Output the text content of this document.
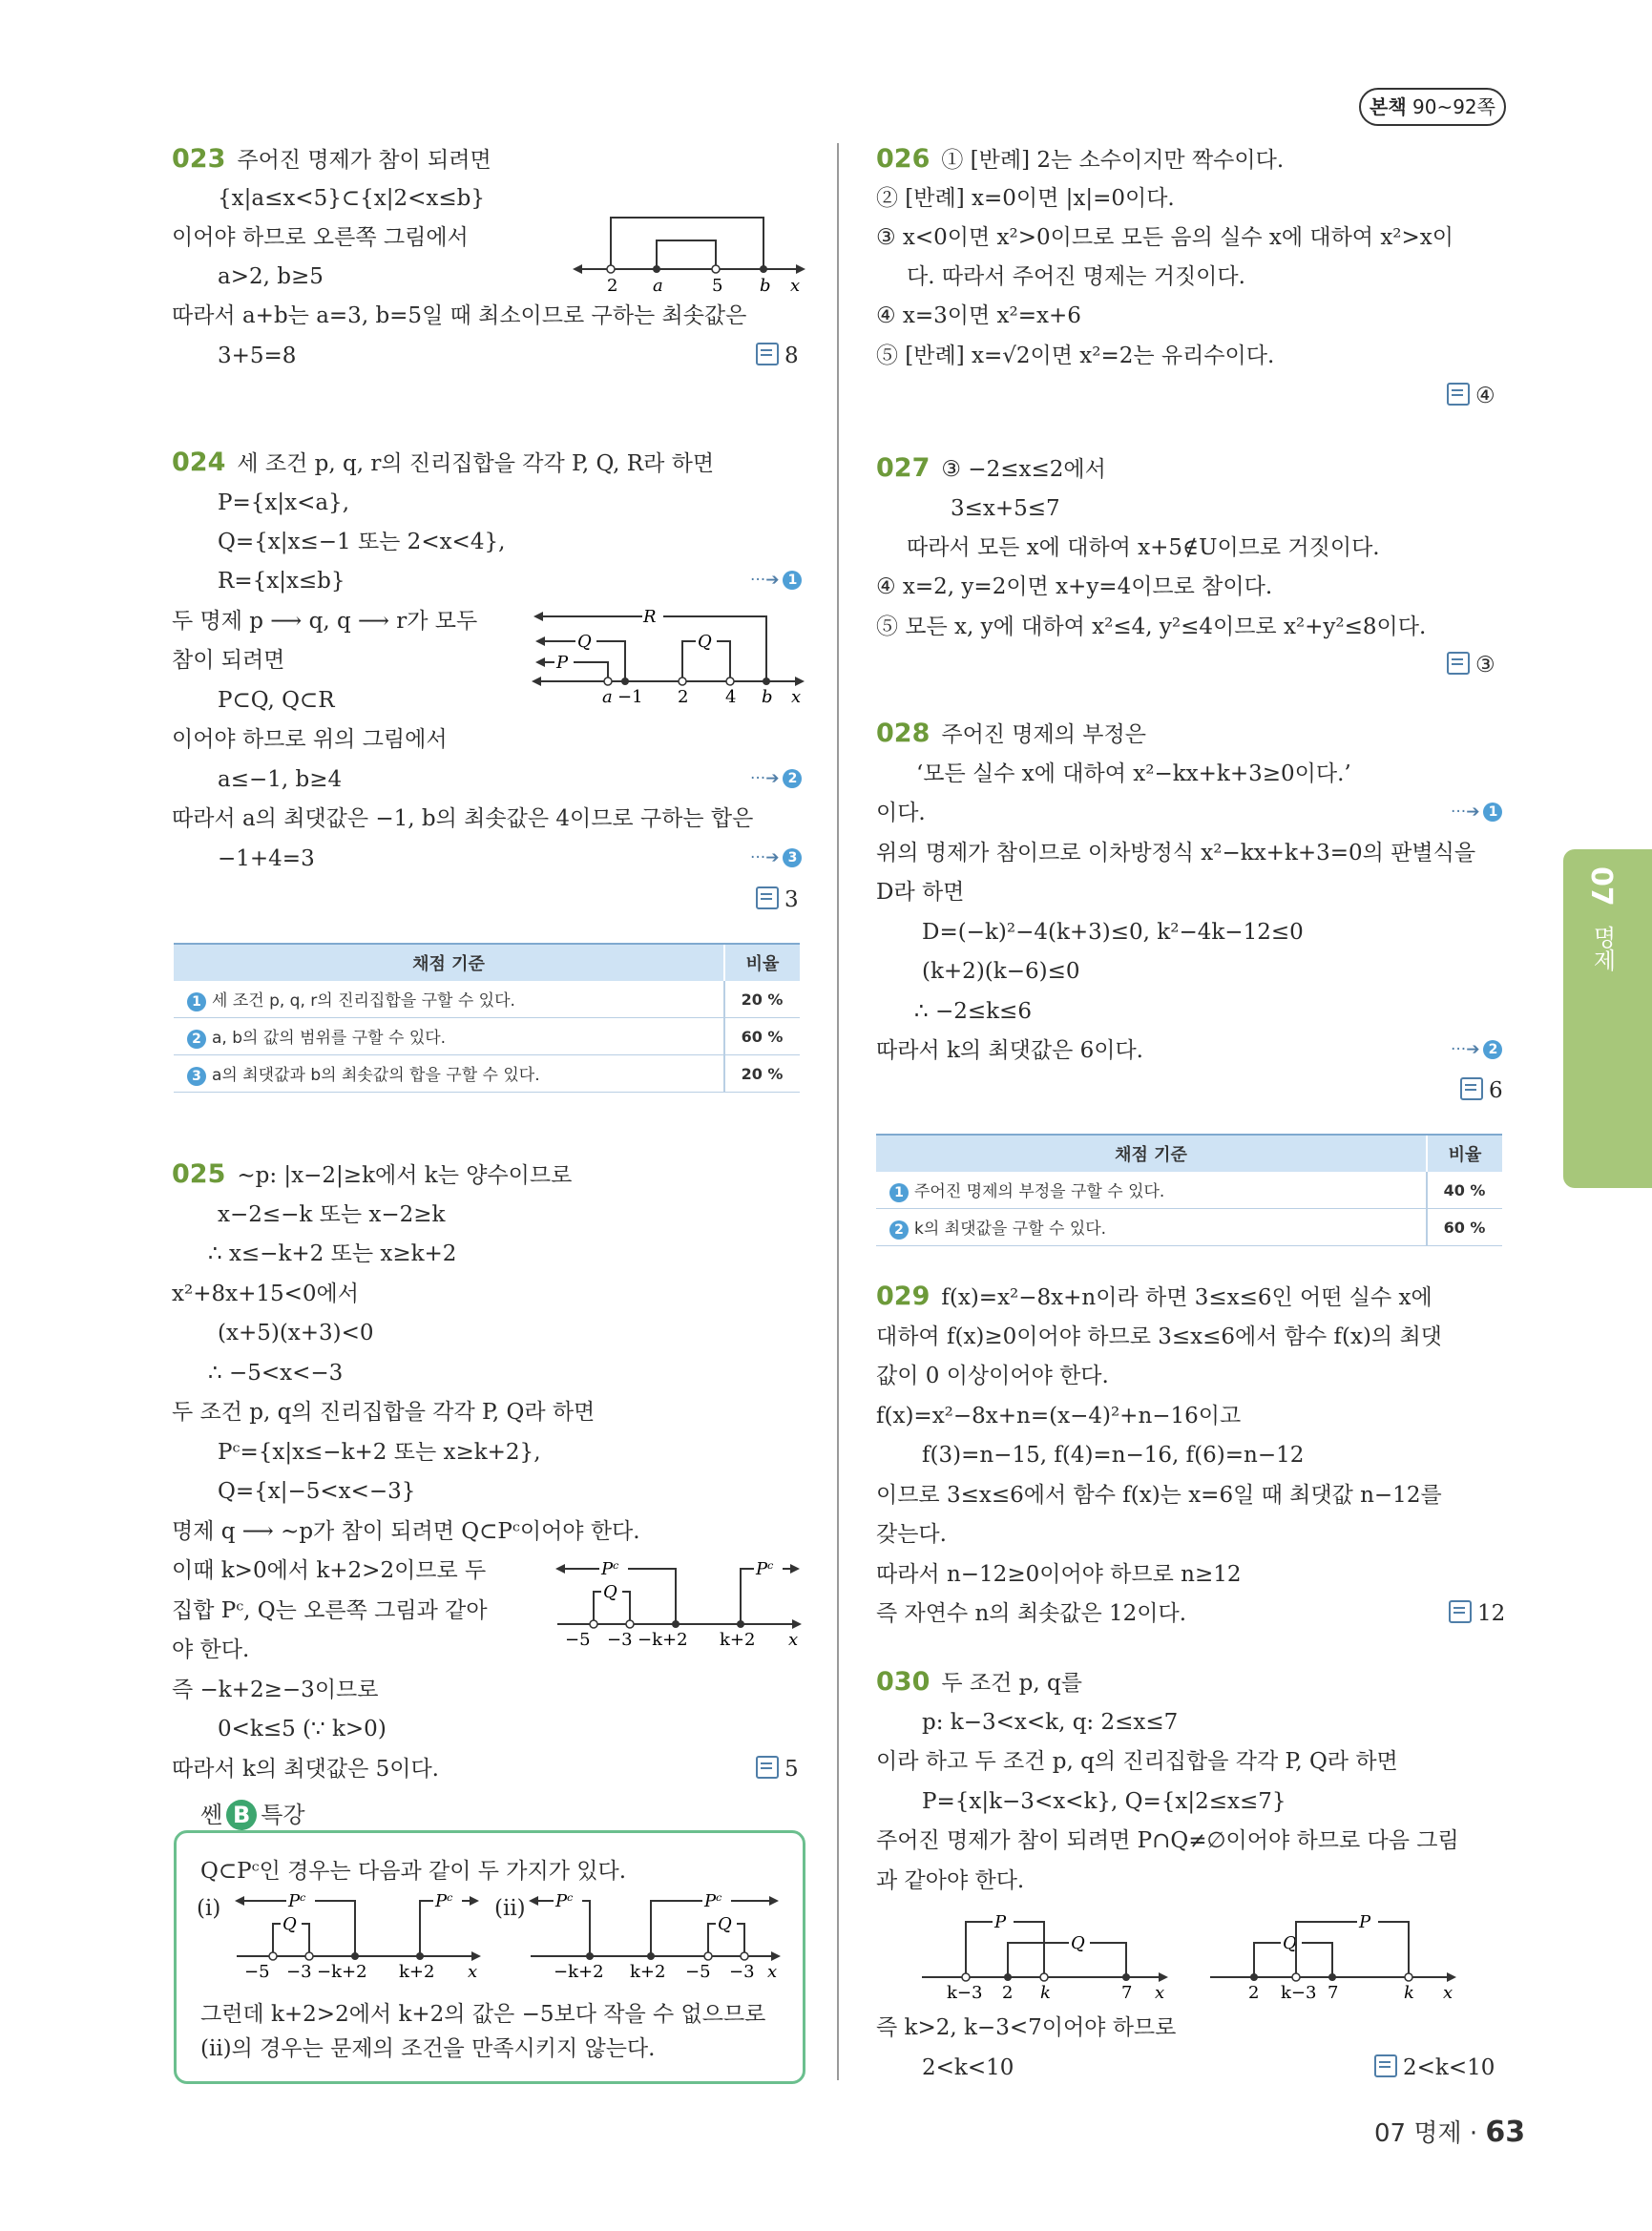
본책 90~92쪽
07
명제
023 주어진 명제가 참이 되려면
{x|a≤x<5}⊂{x|2<x≤b}
이어야 하므로 오른쪽 그림에서
a>2, b≥5
따라서 a+b는 a=3, b=5일 때 최소이므로 구하는 최솟값은
3+5=8	8
2 a	5 b x
024 세 조건 p, q, r의 진리집합을 각각 P, Q, R라 하면
P={x|x<a},
Q={x|x≤−1 또는 2<x<4},
R={x|x≤b}	···➔ 1
두 명제 p ⟶ q, q ⟶ r가 모두
참이 되려면
P⊂Q, Q⊂R
이어야 하므로 위의 그림에서
a≤−1, b≥4	···➔ 2
따라서 a의 최댓값은 −1, b의 최솟값은 4이므로 구하는 합은
−1+4=3	···➔ 3
3
R
Q	Q
P
a −1 2 4 b x
채점 기준	비율
1 세 조건 p, q, r의 진리집합을 구할 수 있다.	20 %
2 a, b의 값의 범위를 구할 수 있다.	60 %
3 a의 최댓값과 b의 최솟값의 합을 구할 수 있다.	20 %
025 ∼p: |x−2|≥k에서 k는 양수이므로
x−2≤−k 또는 x−2≥k
∴ x≤−k+2 또는 x≥k+2
x²+8x+15<0에서
(x+5)(x+3)<0
∴ −5<x<−3
두 조건 p, q의 진리집합을 각각 P, Q라 하면
Pᶜ={x|x≤−k+2 또는 x≥k+2},
Q={x|−5<x<−3}
명제 q ⟶ ∼p가 참이 되려면 Q⊂Pᶜ이어야 한다.
이때 k>0에서 k+2>2이므로 두
집합 Pᶜ, Q는 오른쪽 그림과 같아
야 한다.
즉 −k+2≥−3이므로
0<k≤5 (∵ k>0)
따라서 k의 최댓값은 5이다.	5
Pᶜ	Pᶜ
Q
−5 −3 −k+2 k+2 x
쎈 B 특강
Q⊂Pᶜ인 경우는 다음과 같이 두 가지가 있다.
(i)	Pᶜ	Pᶜ
Q
−5 −3 −k+2 k+2 x
(ii) Pᶜ	Pᶜ
Q
−k+2 k+2 −5 −3 x
그런데 k+2>2에서 k+2의 값은 −5보다 작을 수 없으므로
(ii)의 경우는 문제의 조건을 만족시키지 않는다.
026 ① [반례] 2는 소수이지만 짝수이다.
② [반례] x=0이면 |x|=0이다.
③ x<0이면 x²>0이므로 모든 음의 실수 x에 대하여 x²>x이
다. 따라서 주어진 명제는 거짓이다.
④ x=3이면 x²=x+6
⑤ [반례] x=√2이면 x²=2는 유리수이다.
④
027 ③ −2≤x≤2에서
3≤x+5≤7
따라서 모든 x에 대하여 x+5∉U이므로 거짓이다.
④ x=2, y=2이면 x+y=4이므로 참이다.
⑤ 모든 x, y에 대하여 x²≤4, y²≤4이므로 x²+y²≤8이다.
③
028 주어진 명제의 부정은
‘모든 실수 x에 대하여 x²−kx+k+3≥0이다.’
이다.	···➔ 1
위의 명제가 참이므로 이차방정식 x²−kx+k+3=0의 판별식을
D라 하면
D=(−k)²−4(k+3)≤0, k²−4k−12≤0
(k+2)(k−6)≤0
∴ −2≤k≤6
따라서 k의 최댓값은 6이다.	···➔ 2
6
채점 기준	비율
1 주어진 명제의 부정을 구할 수 있다.	40 %
2 k의 최댓값을 구할 수 있다.	60 %
029 f(x)=x²−8x+n이라 하면 3≤x≤6인 어떤 실수 x에
대하여 f(x)≥0이어야 하므로 3≤x≤6에서 함수 f(x)의 최댓
값이 0 이상이어야 한다.
f(x)=x²−8x+n=(x−4)²+n−16이고
f(3)=n−15, f(4)=n−16, f(6)=n−12
이므로 3≤x≤6에서 함수 f(x)는 x=6일 때 최댓값 n−12를
갖는다.
따라서 n−12≥0이어야 하므로 n≥12
즉 자연수 n의 최솟값은 12이다.	12
030 두 조건 p, q를
p: k−3<x<k, q: 2≤x≤7
이라 하고 두 조건 p, q의 진리집합을 각각 P, Q라 하면
P={x|k−3<x<k}, Q={x|2≤x≤7}
주어진 명제가 참이 되려면 P∩Q≠∅이어야 하므로 다음 그림
과 같아야 한다.
P
Q
k−3 2 k	7 x
Q
P
2 k−3 7	k x
즉 k>2, k−3<7이어야 하므로
2<k<10	2<k<10
07 명제 · 63
